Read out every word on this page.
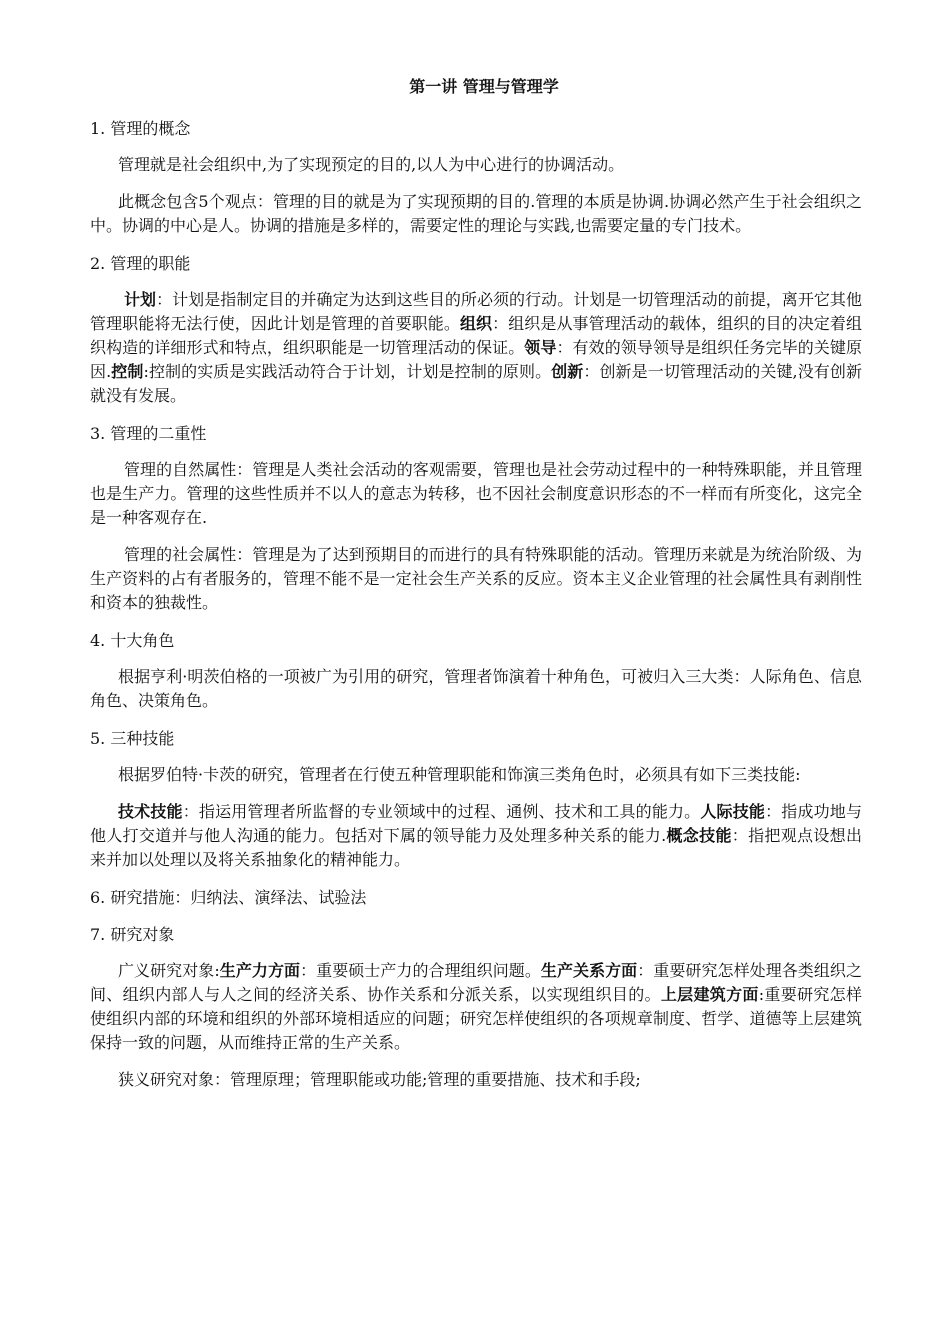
第一讲 管理与管理学
1. 管理的概念

管理就是社会组织中,为了实现预定的目的,以人为中心进行的协调活动。

此概念包含5个观点：管理的目的就是为了实现预期的目的.管理的本质是协调.协调必然产生于社会组织之中。协调的中心是人。协调的措施是多样的，需要定性的理论与实践,也需要定量的专门技术。

2. 管理的职能

计划：计划是指制定目的并确定为达到这些目的所必须的行动。计划是一切管理活动的前提，离开它其他管理职能将无法行使，因此计划是管理的首要职能。组织：组织是从事管理活动的载体，组织的目的决定着组织构造的详细形式和特点，组织职能是一切管理活动的保证。领导：有效的领导领导是组织任务完毕的关键原因.控制:控制的实质是实践活动符合于计划，计划是控制的原则。创新：创新是一切管理活动的关键,没有创新就没有发展。

3. 管理的二重性

管理的自然属性：管理是人类社会活动的客观需要，管理也是社会劳动过程中的一种特殊职能，并且管理也是生产力。管理的这些性质并不以人的意志为转移，也不因社会制度意识形态的不一样而有所变化，这完全是一种客观存在.

管理的社会属性：管理是为了达到预期目的而进行的具有特殊职能的活动。管理历来就是为统治阶级、为生产资料的占有者服务的，管理不能不是一定社会生产关系的反应。资本主义企业管理的社会属性具有剥削性和资本的独裁性。

4. 十大角色

根据亨利·明茨伯格的一项被广为引用的研究，管理者饰演着十种角色，可被归入三大类：人际角色、信息角色、决策角色。

5. 三种技能

根据罗伯特·卡茨的研究，管理者在行使五种管理职能和饰演三类角色时，必须具有如下三类技能:

技术技能：指运用管理者所监督的专业领域中的过程、通例、技术和工具的能力。人际技能：指成功地与他人打交道并与他人沟通的能力。包括对下属的领导能力及处理多种关系的能力.概念技能：指把观点设想出来并加以处理以及将关系抽象化的精神能力。

6. 研究措施：归纳法、演绎法、试验法
7. 研究对象

广义研究对象:生产力方面：重要硕士产力的合理组织问题。生产关系方面：重要研究怎样处理各类组织之间、组织内部人与人之间的经济关系、协作关系和分派关系，以实现组织目的。上层建筑方面:重要研究怎样使组织内部的环境和组织的外部环境相适应的问题；研究怎样使组织的各项规章制度、哲学、道德等上层建筑保持一致的问题，从而维持正常的生产关系。

狭义研究对象：管理原理；管理职能或功能;管理的重要措施、技术和手段;
